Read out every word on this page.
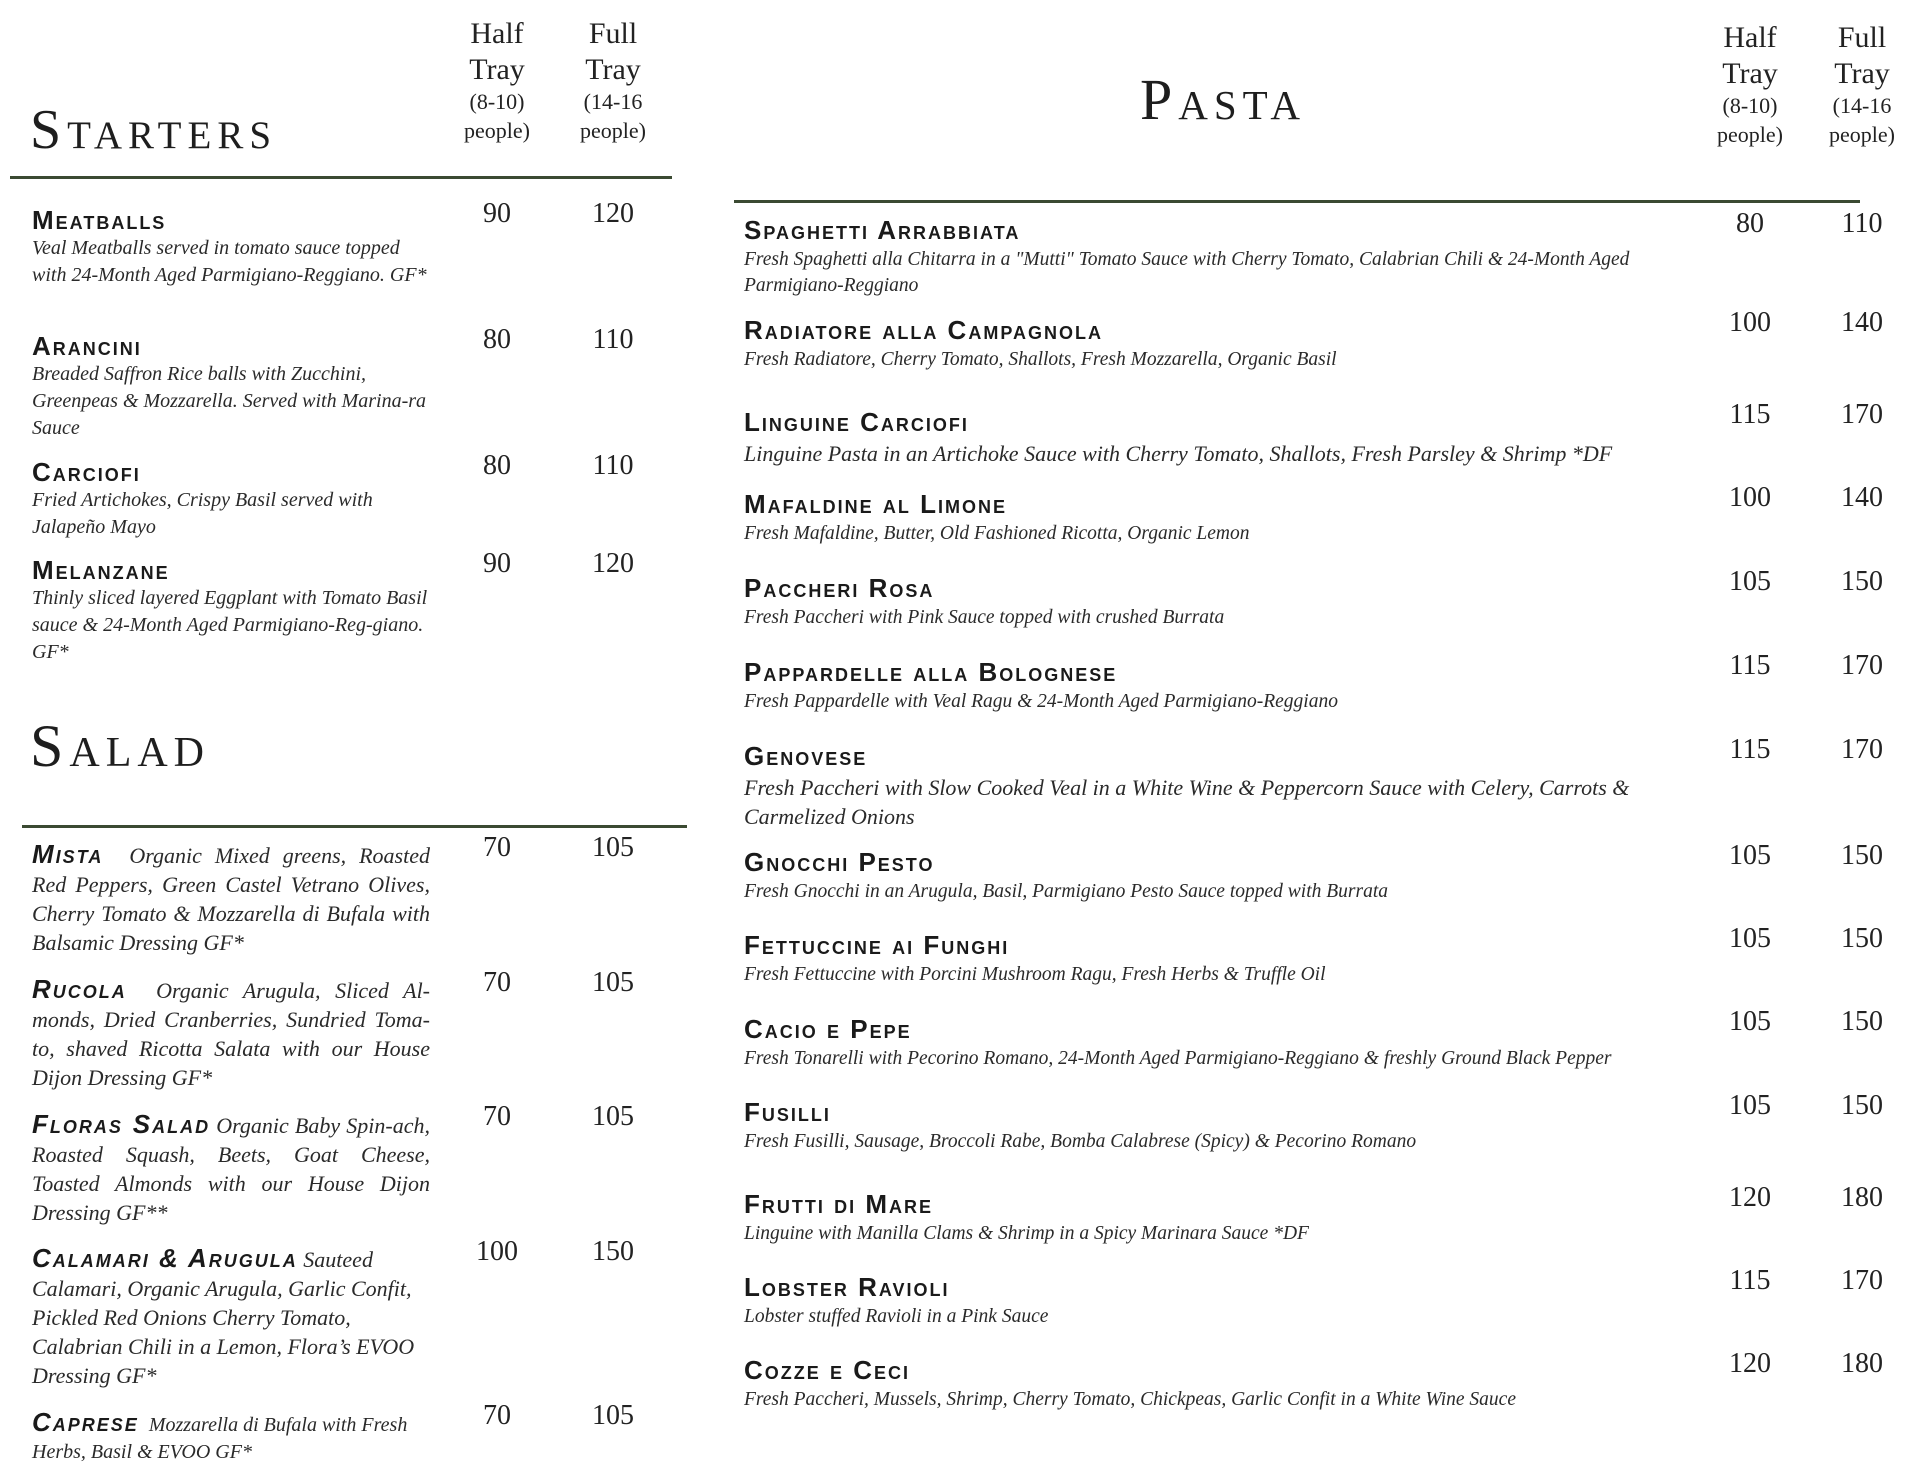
Starters
Half
Tray
(8-10)
people)
Full
Tray
(14-16
people)
Meatballs
Veal Meatballs served in tomato sauce topped with 24-Month Aged Parmigiano-Reggiano. GF*
90	120
Arancini
Breaded Saffron Rice balls with Zucchini, Greenpeas & Mozzarella. Served with Marina-ra Sauce
80	110
Carciofi
Fried Artichokes, Crispy Basil served with Jalapeño Mayo
80	110
Melanzane
Thinly sliced layered Eggplant with Tomato Basil sauce & 24-Month Aged Parmigiano-Reg-giano. GF*
90	120
Salad
Mista Organic Mixed greens, Roasted Red Peppers, Green Castel Vetrano Olives, Cherry Tomato & Mozzarella di Bufala with Balsamic Dressing GF*
70	105
Rucola Organic Arugula, Sliced Al-monds, Dried Cranberries, Sundried Toma-to, shaved Ricotta Salata with our House Dijon Dressing GF*
70	105
Floras Salad Organic Baby Spin-ach, Roasted Squash, Beets, Goat Cheese, Toasted Almonds with our House Dijon Dressing GF**
70	105
Calamari & Arugula Sauteed Calamari, Organic Arugula, Garlic Confit, Pickled Red Onions Cherry Tomato, Calabrian Chili in a Lemon, Flora’s EVOO Dressing GF*
100	150
Caprese Mozzarella di Bufala with Fresh Herbs, Basil & EVOO GF*
70	105
Pasta
Half
Tray
(8-10)
people)
Full
Tray
(14-16
people)
Spaghetti Arrabbiata
Fresh Spaghetti alla Chitarra in a "Mutti" Tomato Sauce with Cherry Tomato, Calabrian Chili & 24-Month Aged Parmigiano-Reggiano
80	110
Radiatore alla Campagnola
Fresh Radiatore, Cherry Tomato, Shallots, Fresh Mozzarella, Organic Basil
100	140
Linguine Carciofi
Linguine Pasta in an Artichoke Sauce with Cherry Tomato, Shallots, Fresh Parsley & Shrimp *DF
115	170
Mafaldine al Limone
Fresh Mafaldine, Butter, Old Fashioned Ricotta, Organic Lemon
100	140
Paccheri Rosa
Fresh Paccheri with Pink Sauce topped with crushed Burrata
105	150
Pappardelle alla Bolognese
Fresh Pappardelle with Veal Ragu & 24-Month Aged Parmigiano-Reggiano
115	170
Genovese
Fresh Paccheri with Slow Cooked Veal in a White Wine & Peppercorn Sauce with Celery, Carrots & Carmelized Onions
115	170
Gnocchi Pesto
Fresh Gnocchi in an Arugula, Basil, Parmigiano Pesto Sauce topped with Burrata
105	150
Fettuccine ai Funghi
Fresh Fettuccine with Porcini Mushroom Ragu, Fresh Herbs & Truffle Oil
105	150
Cacio e Pepe
Fresh Tonarelli with Pecorino Romano, 24-Month Aged Parmigiano-Reggiano & freshly Ground Black Pepper
105	150
Fusilli
Fresh Fusilli, Sausage, Broccoli Rabe, Bomba Calabrese (Spicy) & Pecorino Romano
105	150
Frutti di Mare
Linguine with Manilla Clams & Shrimp in a Spicy Marinara Sauce *DF
120	180
Lobster Ravioli
Lobster stuffed Ravioli in a Pink Sauce
115	170
Cozze e Ceci
Fresh Paccheri, Mussels, Shrimp, Cherry Tomato, Chickpeas, Garlic Confit in a White Wine Sauce
120	180
